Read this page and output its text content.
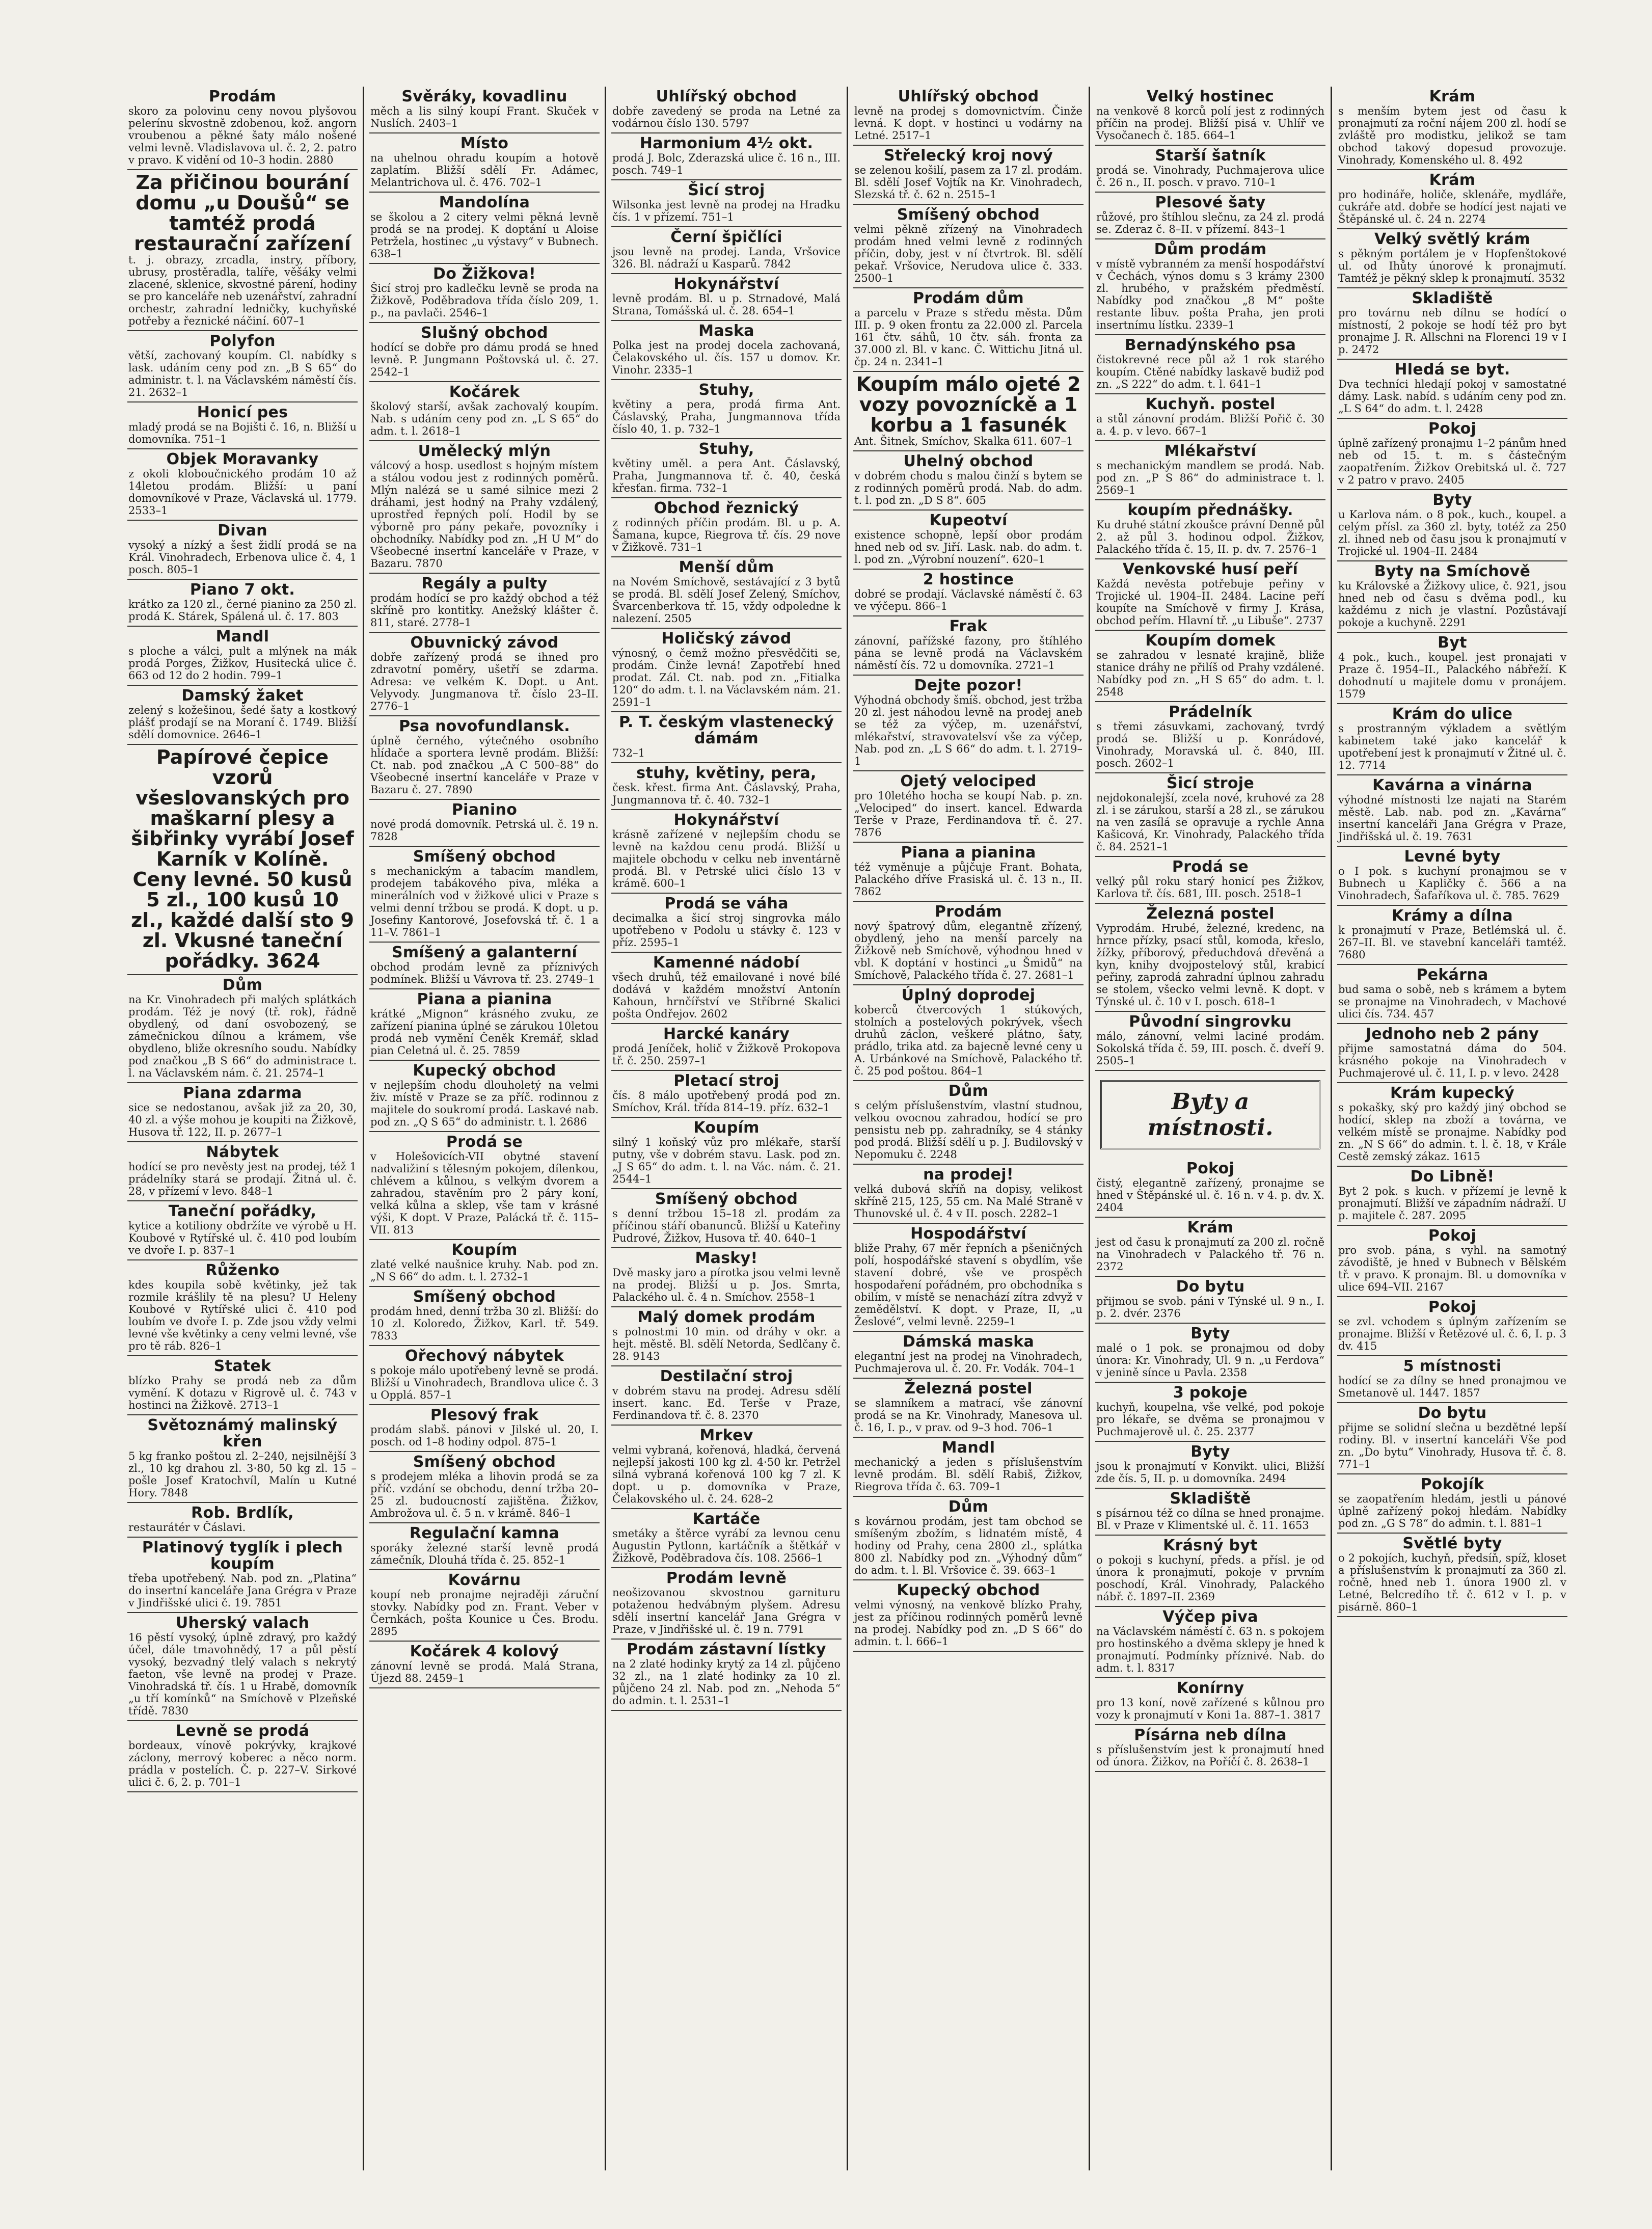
Prodám
skoro za polovinu ceny novou plyšovou pelerínu skvostně zdobenou, kož. angorn vroubenou a pěkné šaty málo nošené velmi levně. Vladislavova ul. č. 2, 2. patro v pravo. K vidění od 10–3 hodin. 2880
Za přičinou bourání domu „u Doušů“ se tamtéž prodá restaurační zařízení
t. j. obrazy, zrcadla, instry, příbory, ubrusy, prostěradla, talíře, věšáky velmi zlacené, sklenice, skvostné párení, hodiny se pro kanceláře neb uzenářství, zahradní orchestr, zahradní ledničky, kuchyňské potřeby a řeznické náčiní. 607–1
Polyfon
větší, zachovaný koupím. Cl. nabídky s lask. udáním ceny pod zn. „B S 65“ do administr. t. l. na Václavském náměstí čís. 21. 2632–1
Honicí pes
mladý prodá se na Bojišti č. 16, n. Bližší u domovníka. 751–1
Objek Moravanky
z okoli kloboučnického prodám 10 až 14letou prodám. Bližší: u paní domovníkové v Praze, Václavská ul. 1779. 2533–1
Divan
vysoký a nízký a šest židlí prodá se na Král. Vinohradech, Erbenova ulice č. 4, 1 posch. 805–1
Piano 7 okt.
krátko za 120 zl., černé pianino za 250 zl. prodá K. Stárek, Spálená ul. č. 17. 803
Mandl
s ploche a válci, pult a mlýnek na mák prodá Porges, Žižkov, Husitecká ulice č. 663 od 12 do 2 hodin. 799–1
Damský žaket
zelený s kožešinou, šedé šaty a kostkový plášť prodají se na Moraní č. 1749. Bližší sdělí domovnice. 2646–1
Papírové čepice vzorů všeslovanských pro maškarní plesy a šibřinky vyrábí Josef Karník v Kolíně. Ceny levné. 50 kusů 5 zl., 100 kusů 10 zl., každé další sto 9 zl. Vkusné taneční pořádky. 3624
Dům
na Kr. Vinohradech při malých splátkách prodám. Též je nový (tř. rok), řádně obydlený, od daní osvobozený, se zámečnickou dílnou a krámem, vše obydleno, bliže okresního soudu. Nabídky pod značkou „B S 66“ do administrace t. l. na Václavském nám. č. 21. 2574–1
Piana zdarma
sice se nedostanou, avšak již za 20, 30, 40 zl. a výše mohou je koupiti na Žižkově, Husova tř. 122, II. p. 2677–1
Nábytek
hodící se pro nevěsty jest na prodej, též 1 prádelníky stará se prodají. Žitná ul. č. 28, v přízemí v levo. 848–1
Taneční pořádky,
kytice a kotiliony obdržíte ve výrobě u H. Koubové v Rytířské ul. č. 410 pod loubím ve dvoře I. p. 837–1
Růženko
kdes koupila sobě květinky, jež tak rozmile krášlily tě na plesu? U Heleny Koubové v Rytířské ulici č. 410 pod loubím ve dvoře I. p. Zde jsou vždy velmi levné vše květinky a ceny velmi levné, vše pro tě ráb. 826–1
Statek
blízko Prahy se prodá neb za dům vymění. K dotazu v Rigrově ul. č. 743 v hostinci na Žižkově. 2713–1
Světoznámý malinský křen
5 kg franko poštou zl. 2–240, nejsilnější 3 zl., 10 kg drahou zl. 3·80, 50 kg zl. 15 – pošle Josef Kratochvíl, Malín u Kutné Hory. 7848
Rob. Brdlík,
restaurátér v Čáslavi.
Platinový tyglík i plech koupím
třeba upotřebený. Nab. pod zn. „Platina“ do insertní kanceláře Jana Grégra v Praze v Jindřišské ulici č. 19. 7851
Uherský valach
16 pěstí vysoký, úplně zdravý, pro každý účel, dále tmavohnědý, 17 a půl pěstí vysoký, bezvadný tlelý valach s nekrytý faeton, vše levně na prodej v Praze. Vinohradská tř. čís. 1 u Hrabě, domovník „u tří komínků“ na Smíchově v Plzeňské třídě. 7830
Levně se prodá
bordeaux, vínově pokrývky, krajkové záclony, merrový koberec a něco norm. prádla v postelích. Č. p. 227–V. Sirkové ulici č. 6, 2. p. 701–1
Svěráky, kovadlinu
měch a lis silný koupí Frant. Skuček v Nuslích. 2403–1
Místo
na uhelnou ohradu koupím a hotově zaplatím. Bližší sdělí Fr. Adámec, Melantrichova ul. č. 476. 702–1
Mandolína
se školou a 2 citery velmi pěkná levně prodá se na prodej. K doptání u Aloise Petržela, hostinec „u výstavy“ v Bubnech. 638–1
Do Žižkova!
Šicí stroj pro kadlečku levně se proda na Žižkově, Poděbradova třída číslo 209, 1. p., na pavlači. 2546–1
Slušný obchod
hodící se dobře pro dámu prodá se hned levně. P. Jungmann Poštovská ul. č. 27. 2542–1
Kočárek
školový starší, avšak zachovalý koupím. Nab. s udáním ceny pod zn. „L S 65“ do adm. t. l. 2618–1
Umělecký mlýn
válcový a hosp. usedlost s hojným místem a stálou vodou jest z rodinných poměrů. Mlýn nalézá se u samé silnice mezi 2 dráhami, jest hodný na Prahy vzdálený, uprostřed řepných polí. Hodil by se výborně pro pány pekaře, povozníky i obchodníky. Nabídky pod zn. „H U M“ do Všeobecné insertní kanceláře v Praze, v Bazaru. 7870
Regály a pulty
prodám hodící se pro každý obchod a též skříně pro kontitky. Anežský klášter č. 811, staré. 2778–1
Obuvnický závod
dobře zařízený prodá se ihned pro zdravotní poměry, ušetří se zdarma. Adresa: ve velkém K. Dopt. u Ant. Velyvody. Jungmanova tř. číslo 23–II. 2776–1
Psa novofundlansk.
úplně černého, výtečného osobního hlídače a sportera levně prodám. Bližší: Ct. nab. pod značkou „A C 500–88“ do Všeobecné insertní kanceláře v Praze v Bazaru č. 27. 7890
Pianino
nové prodá domovník. Petrská ul. č. 19 n. 7828
Smíšený obchod
s mechanickým a tabacím mandlem, prodejem tabákového piva, mléka a minerálních vod v žižkové ulici v Praze s velmi denní tržbou se prodá. K dopt. u p. Josefiny Kantorové, Josefovská tř. č. 1 a 11–V. 7861–1
Smíšený a galanterní
obchod prodám levně za příznivých podmínek. Bližší u Vávrova tř. 23. 2749–1
Piana a pianina
krátké „Mignon“ krásného zvuku, ze zařízení pianina úplné se zárukou 10letou prodá neb vymění Čeněk Kremář, sklad pian Celetná ul. č. 25. 7859
Kupecký obchod
v nejlepším chodu dlouholetý na velmi živ. místě v Praze se za příč. rodinnou z majitele do soukromí prodá. Laskavé nab. pod zn. „Q S 65“ do administr. t. l. 2686
Prodá se
v Holešovicích-VII obytné stavení nadvaližiní s tělesným pokojem, dílenkou, chlévem a kůlnou, s velkým dvorem a zahradou, stavěním pro 2 páry koní, velká kůlna a sklep, vše tam v krásné výši, K dopt. V Praze, Palácká tř. č. 115–VII. 813
Koupím
zlaté velké naušnice kruhy. Nab. pod zn. „N S 66“ do adm. t. l. 2732–1
Smíšený obchod
prodám hned, denní tržba 30 zl. Bližší: do 10 zl. Koloredo, Žižkov, Karl. tř. 549. 7833
Ořechový nábytek
s pokoje málo upotřebený levně se prodá. Bližší u Vinohradech, Brandlova ulice č. 3 u Opplá. 857–1
Plesový frak
prodám slabš. pánovi v Jilské ul. 20, I. posch. od 1–8 hodiny odpol. 875–1
Smíšený obchod
s prodejem mléka a lihovin prodá se za příč. vzdání se obchodu, denní tržba 20–25 zl. budoucností zajištěna. Žižkov, Ambrožova ul. č. 5 n. v krámě. 846–1
Regulační kamna
sporáky železné starší levně prodá zámečník, Dlouhá třída č. 25. 852–1
Kovárnu
koupí neb pronajme nejraději záruční stovky. Nabídky pod zn. Frant. Veber v Černkách, pošta Kounice u Čes. Brodu. 2895
Kočárek 4 kolový
zánovní levně se prodá. Malá Strana, Újezd 88. 2459–1
Uhlířský obchod
dobře zavedený se proda na Letné za vodárnou číslo 130. 5797
Harmonium 4½ okt.
prodá J. Bolc, Zderazská ulice č. 16 n., III. posch. 749–1
Šicí stroj
Wilsonka jest levně na prodej na Hradku čís. 1 v přízemí. 751–1
Černí špičlíci
jsou levně na prodej. Landa, Vršovice 326. Bl. nádraží u Kasparů. 7842
Hokynářství
levně prodám. Bl. u p. Strnadové, Malá Strana, Tomášská ul. č. 28. 654–1
Maska
Polka jest na prodej docela zachovaná, Čelakovského ul. čís. 157 u domov. Kr. Vinohr. 2335–1
Stuhy,
květiny a pera, prodá firma Ant. Čáslavský, Praha, Jungmannova třída číslo 40, 1. p. 732–1
Stuhy,
květiny uměl. a pera Ant. Čáslavský, Praha, Jungmannova tř. č. 40, česká křesťan. firma. 732–1
Obchod řeznický
z rodinných příčin prodám. Bl. u p. A. Šamana, kupce, Riegrova tř. čís. 29 nove v Žižkově. 731–1
Menší dům
na Novém Smíchově, sestávající z 3 bytů se prodá. Bl. sdělí Josef Zelený, Smíchov, Švarcenberkova tř. 15, vždy odpoledne k nalezení. 2505
Holičský závod
výnosný, o čemž možno přesvědčiti se, prodám. Činže levná! Zapotřebí hned prodat. Zál. Ct. nab. pod zn. „Fitialka 120“ do adm. t. l. na Václavském nám. 21. 2591–1
P. T. českým vlastenecký dámám
732–1
stuhy, květiny, pera,
česk. křest. firma Ant. Čáslavský, Praha, Jungmannova tř. č. 40. 732–1
Hokynářství
krásně zařízené v nejlepším chodu se levně na každou cenu prodá. Bližší u majitele obchodu v celku neb inventárně prodá. Bl. v Petrské ulici číslo 13 v krámě. 600–1
Prodá se váha
decimalka a šicí stroj singrovka málo upotřebeno v Podolu u stávky č. 123 v příz. 2595–1
Kamenné nádobí
všech druhů, též emailované i nové bílé dodává v každém množství Antonín Kahoun, hrnčířství ve Stříbrné Skalici pošta Ondřejov. 2602
Harcké kanáry
prodá Jeníček, holič v Žižkově Prokopova tř. č. 250. 2597–1
Pletací stroj
čís. 8 málo upotřebený prodá pod zn. Smíchov, Král. třída 814–19. příz. 632–1
Koupím
silný 1 koňský vůz pro mlékaře, starší putny, vše v dobrém stavu. Lask. pod zn. „J S 65“ do adm. t. l. na Vác. nám. č. 21. 2544–1
Smíšený obchod
s denní tržbou 15–18 zl. prodám za příčinou stáří obanunců. Bližší u Kateřiny Pudrové, Žižkov, Husova tř. 40. 640–1
Masky!
Dvě masky jaro a pírotka jsou velmi levně na prodej. Bližší u p. Jos. Smrta, Palackého ul. č. 4 n. Smíchov. 2558–1
Malý domek prodám
s polnostmi 10 min. od dráhy v okr. a hejt. městě. Bl. sdělí Netorda, Sedlčany č. 28. 9143
Destilační stroj
v dobrém stavu na prodej. Adresu sdělí insert. kanc. Ed. Terše v Praze, Ferdinandova tř. č. 8. 2370
Mrkev
velmi vybraná, kořenová, hladká, červená nejlepší jakosti 100 kg zl. 4·50 kr. Petržel silná vybraná kořenová 100 kg 7 zl. K dopt. u p. domovníka v Praze, Čelakovského ul. č. 24. 628–2
Kartáče
smetáky a štěrce vyrábí za levnou cenu Augustin Pytlonn, kartáčník a štětkář v Žižkově, Poděbradova čís. 108. 2566–1
Prodám levně
neošizovanou skvostnou garnituru potaženou hedvábným plyšem. Adresu sdělí insertní kancelář Jana Grégra v Praze, v Jindřišské ul. č. 19 n. 7791
Prodám zástavní lístky
na 2 zlaté hodinky krytý za 14 zl. půjčeno 32 zl., na 1 zlaté hodinky za 10 zl. půjčeno 24 zl. Nab. pod zn. „Nehoda 5“ do admin. t. l. 2531–1
Uhlířský obchod
levně na prodej s domovnictvím. Činže levná. K dopt. v hostinci u vodárny na Letné. 2517–1
Střelecký kroj nový
se zelenou košilí, pasem za 17 zl. prodám. Bl. sdělí Josef Vojtík na Kr. Vinohradech, Slezská tř. č. 62 n. 2515–1
Smíšený obchod
velmi pěkně zřízený na Vinohradech prodám hned velmi levně z rodinných příčin, doby, jest v ní čtvrtrok. Bl. sdělí pekař. Vršovice, Nerudova ulice č. 333. 2500–1
Prodám dům
a parcelu v Praze s středu města. Dům III. p. 9 oken frontu za 22.000 zl. Parcela 161 čtv. sáhů, 10 čtv. sáh. fronta za 37.000 zl. Bl. v kanc. Č. Wittichu Jitná ul. čp. 24 n. 2341–1
Koupím málo ojeté 2 vozy povozníckě a 1 korbu a 1 fasunék
Ant. Šitnek, Smíchov, Skalka 611. 607–1
Uhelný obchod
v dobrém chodu s malou činží s bytem se z rodinných poměrů prodá. Nab. do adm. t. l. pod zn. „D S 8“. 605
Kupeotví
existence schopně, lepší obor prodám hned neb od sv. Jiří. Lask. nab. do adm. t. l. pod zn. „Výrobní nouzení“. 620–1
2 hostince
dobré se prodají. Václavské náměstí č. 63 ve výčepu. 866–1
Frak
zánovní, pařížské fazony, pro štíhlého pána se levně prodá na Václavském náměstí čís. 72 u domovníka. 2721–1
Dejte pozor!
Výhodná obchody šmíš. obchod, jest tržba 20 zl. jest náhodou levně na prodej aneb se též za výčep, m. uzenářství, mlékařství, stravovatelsví vše za výčep, Nab. pod zn. „L S 66“ do adm. t. l. 2719–1
Ojetý velociped
pro 10letého hocha se koupí Nab. p. zn. „Velociped“ do insert. kancel. Edwarda Terše v Praze, Ferdinandova tř. č. 27. 7876
Piana a pianina
též vyměnuje a půjčuje Frant. Bohata, Palackého dříve Frasiská ul. č. 13 n., II. 7862
Prodám
nový špatrový dům, elegantně zřízený, obydlený, jeho na menší parcely na Žižkově neb Smíchově, výhodnou hned v vbl. K doptání v hostinci „u Šmidů“ na Smíchově, Palackého třída č. 27. 2681–1
Úplný doprodej
koberců čtvercových 1 stúkových, stolních a postelových pokrývek, všech druhů záclon, veškeré plátno, šaty, prádlo, trika atd. za bajecně levné ceny u A. Urbánkové na Smíchově, Palackého tř. č. 25 pod poštou. 864–1
Dům
s celým příslušenstvím, vlastní studnou, velkou ovocnou zahradou, hodící se pro pensistu neb pp. zahradníky, se 4 stánky pod prodá. Bližší sdělí u p. J. Budilovský v Nepomuku č. 2248
na prodej!
velká dubová skříň na dopisy, velikost skříně 215, 125, 55 cm. Na Malé Straně v Thunovské ul. č. 4 v II. posch. 2282–1
Hospodářství
bliže Prahy, 67 měr řepních a pšeničných polí, hospodářské stavení s obydlím, vše stavení dobré, vše ve prospěch hospodaření pořádném, pro obchodníka s obilím, v místě se nenachází zítra zdvyž v zemědělství. K dopt. v Praze, II, „u Žeslové“, velmi levně. 2259–1
Dámská maska
elegantní jest na prodej na Vinohradech, Puchmajerova ul. č. 20. Fr. Vodák. 704–1
Železná postel
se slamníkem a matrací, vše zánovní prodá se na Kr. Vinohrady, Manesova ul. č. 16, I. p., v prav. od 9–3 hod. 706–1
Mandl
mechanický a jeden s příslušenstvím levně prodám. Bl. sdělí Rabiš, Žižkov, Riegrova třída č. 63. 709–1
Dům
s kovárnou prodám, jest tam obchod se smíšeným zbožím, s lidnatém místě, 4 hodiny od Prahy, cena 2800 zl., splátka 800 zl. Nabídky pod zn. „Výhodný dům“ do adm. t. l. Bl. Vršovice č. 39. 663–1
Kupecký obchod
velmi výnosný, na venkově blízko Prahy, jest za příčinou rodinných poměrů levně na prodej. Nabídky pod zn. „D S 66“ do admin. t. l. 666–1
Velký hostinec
na venkově 8 korců polí jest z rodinných příčin na prodej. Bližší pisá v. Uhlíř ve Vysočanech č. 185. 664–1
Starší šatník
prodá se. Vinohrady, Puchmajerova ulice č. 26 n., II. posch. v pravo. 710–1
Plesové šaty
růžové, pro štíhlou slečnu, za 24 zl. prodá se. Zderaz č. 8–II. v přízemí. 843–1
Dům prodám
v místě vybranném za menší hospodářství v Čechách, výnos domu s 3 krámy 2300 zl. hrubého, v pražském předměstí. Nabídky pod značkou „8 M“ pošte restante libuv. pošta Praha, jen proti insertnímu lístku. 2339–1
Bernadýnského psa
čistokrevné rece půl až 1 rok starého koupím. Ctěné nabídky laskavě budiž pod zn. „S 222“ do adm. t. l. 641–1
Kuchyň. postel
a stůl zánovní prodám. Bližší Pořič č. 30 a. 4. p. v levo. 667–1
Mlékařství
s mechanickým mandlem se prodá. Nab. pod zn. „P S 86“ do administrace t. l. 2569–1
koupím přednášky.
Ku druhé státní zkoušce právní Denně půl 2. až půl 3. hodinou odpol. Žižkov, Palackého třída č. 15, II. p. dv. 7. 2576–1
Venkovské husí peří
Každá nevěsta potřebuje peřiny v Trojické ul. 1904–II. 2484. Lacine peří koupíte na Smíchově v firmy J. Krása, obchod peřím. Hlavní tř. „u Libuše“. 2737
Koupím domek
se zahradou v lesnaté krajině, bliže stanice dráhy ne přilíš od Prahy vzdálené. Nabídky pod zn. „H S 65“ do adm. t. l. 2548
Prádelník
s třemi zásuvkami, zachovaný, tvrdý prodá se. Bližší u p. Konrádové, Vinohrady, Moravská ul. č. 840, III. posch. 2602–1
Šicí stroje
nejdokonalejší, zcela nové, kruhové za 28 zl. i se zárukou, starší a 28 zl., se zárukou na ven zasílá se opravuje a rychle Anna Kašicová, Kr. Vinohrady, Palackého třída č. 84. 2521–1
Prodá se
velký půl roku starý honicí pes Žižkov, Karlova tř. čís. 681, III. posch. 2518–1
Železná postel
Vyprodám. Hrubé, železné, kredenc, na hrnce přízky, psací stůl, komoda, křeslo, žížky, příborový, předuchdová dřevěná a kyn, knihy dvojpostelový stůl, krabicí peřiny, zaprodá zahradní úplnou zahradu se stolem, všecko velmi levně. K dopt. v Týnské ul. č. 10 v I. posch. 618–1
Původní singrovku
málo, zánovní, velmi laciné prodám. Sokolská třída č. 59, III. posch. č. dveří 9. 2505–1
Byty a místnosti.
Pokoj
čistý, elegantně zařízený, pronajme se hned v Štěpánské ul. č. 16 n. v 4. p. dv. X. 2404
Krám
jest od času k pronajmutí za 200 zl. ročně na Vinohradech v Palackého tř. 76 n. 2372
Do bytu
přijmou se svob. páni v Týnské ul. 9 n., I. p. 2. dvér. 2376
Byty
malé o 1 pok. se pronajmou od doby února: Kr. Vinohrady, Ul. 9 n. „u Ferdova“ v jenině sínce u Pavla. 2358
3 pokoje
kuchyň, koupelna, vše velké, pod pokoje pro lékaře, se dvěma se pronajmou v Puchmajerově ul. č. 25. 2377
Byty
jsou k pronajmutí v Konvikt. ulici, Bližší zde čís. 5, II. p. u domovníka. 2494
Skladiště
s písárnou též co dílna se hned pronajme. Bl. v Praze v Klimentské ul. č. 11. 1653
Krásný byt
o pokoji s kuchyní, předs. a přísl. je od února k pronajmutí, pokoje v prvním poschodí, Král. Vinohrady, Palackého nábř. č. 1897–II. 2369
Výčep piva
na Václavském náměstí č. 63 n. s pokojem pro hostinského a dvěma sklepy je hned k pronajmutí. Podmínky příznivé. Nab. do adm. t. l. 8317
Konírny
pro 13 koní, nově zařízené s kůlnou pro vozy k pronajmutí v Koni 1a. 887–1. 3817
Písárna neb dílna
s příslušenstvím jest k pronajmutí hned od února. Žižkov, na Poříčí č. 8. 2638–1
Krám
s menším bytem jest od času k pronajmutí za roční nájem 200 zl. hodí se zvláště pro modistku, jelikož se tam obchod takový dopesud provozuje. Vinohrady, Komenského ul. 8. 492
Krám
pro hodináře, holiče, sklenáře, mydláře, cukráře atd. dobře se hodící jest najati ve Štěpánské ul. č. 24 n. 2274
Velký světlý krám
s pěkným portálem je v Hopfenštokové ul. od Ihůty únorové k pronajmutí. Tamtéž je pěkný sklep k pronajmutí. 3532
Skladiště
pro továrnu neb dílnu se hodící o místností, 2 pokoje se hodí též pro byt pronajme J. R. Allschni na Florenci 19 v I p. 2472
Hledá se byt.
Dva techníci hledají pokoj v samostatné dámy. Lask. nabíd. s udáním ceny pod zn. „L S 64“ do adm. t. l. 2428
Pokoj
úplně zařízený pronajmu 1–2 pánům hned neb od 15. t. m. s částečným zaopatřením. Žižkov Orebitská ul. č. 727 v 2 patro v pravo. 2405
Byty
u Karlova nám. o 8 pok., kuch., koupel. a celým přísl. za 360 zl. byty, totéž za 250 zl. ihned neb od času jsou k pronajmutí v Trojické ul. 1904–II. 2484
Byty na Smíchově
ku Královské a Žižkovy ulice, č. 921, jsou hned neb od času s dvěma podl., ku každému z nich je vlastní. Pozůstávají pokoje a kuchyně. 2291
Byt
4 pok., kuch., koupel. jest pronajati v Praze č. 1954–II., Palackého nábřeží. K dohodnutí u majitele domu v pronájem. 1579
Krám do ulice
s prostranným výkladem a světlým kabinetem také jako kancelář k upotřebení jest k pronajmutí v Žitné ul. č. 12. 7714
Kavárna a vinárna
výhodné místnosti lze najati na Starém městě. Lab. nab. pod zn. „Kavárna“ insertní kanceláři Jana Grégra v Praze, Jindřišská ul. č. 19. 7631
Levné byty
o I pok. s kuchyní pronajmou se v Bubnech u Kapličky č. 566 a na Vinohradech, Šafaříkova ul. č. 785. 7629
Krámy a dílna
k pronajmutí v Praze, Betlémská ul. č. 267–II. Bl. ve stavební kanceláři tamtéž. 7680
Pekárna
bud sama o sobě, neb s krámem a bytem se pronajme na Vinohradech, v Machové ulici čís. 734. 457
Jednoho neb 2 pány
přijme samostatná dáma do 504. krásného pokoje na Vinohradech v Puchmajerové ul. č. 11, I. p. v levo. 2428
Krám kupecký
s pokašky, ský pro každý jiný obchod se hodící, sklep na zboží a továrna, ve velkém místě se pronajme. Nabídky pod zn. „N S 66“ do admin. t. l. č. 18, v Krále Cestě zemský zákaz. 1615
Do Libně!
Byt 2 pok. s kuch. v přízemí je levně k pronajmutí. Bližší ve západním nádraží. U p. majitele č. 287. 2095
Pokoj
pro svob. pána, s vyhl. na samotný závodiště, je hned v Bubnech v Bělském tř. v pravo. K pronajm. Bl. u domovníka v ulice 694–VII. 2167
Pokoj
se zvl. vchodem s úplným zařízením se pronajme. Bližší v Řetězové ul. č. 6, I. p. 3 dv. 415
5 místnosti
hodící se za dílny se hned pronajmou ve Smetanově ul. 1447. 1857
Do bytu
přijme se solidní slečna u bezdětné lepší rodiny. Bl. v insertní kanceláři Vše pod zn. „Do bytu“ Vinohrady, Husova tř. č. 8. 771–1
Pokojík
se zaopatřením hledám, jestli u pánové úplně zařízený pokoj hledám. Nabídky pod zn. „G S 78“ do admin. t. l. 881–1
Světlé byty
o 2 pokojích, kuchyň, předsíň, spíž, kloset a příslušenstvím k pronajmutí za 360 zl. ročně, hned neb 1. února 1900 zl. v Letné, Belcredího tř. č. 612 v I. p. v pisárně. 860–1
